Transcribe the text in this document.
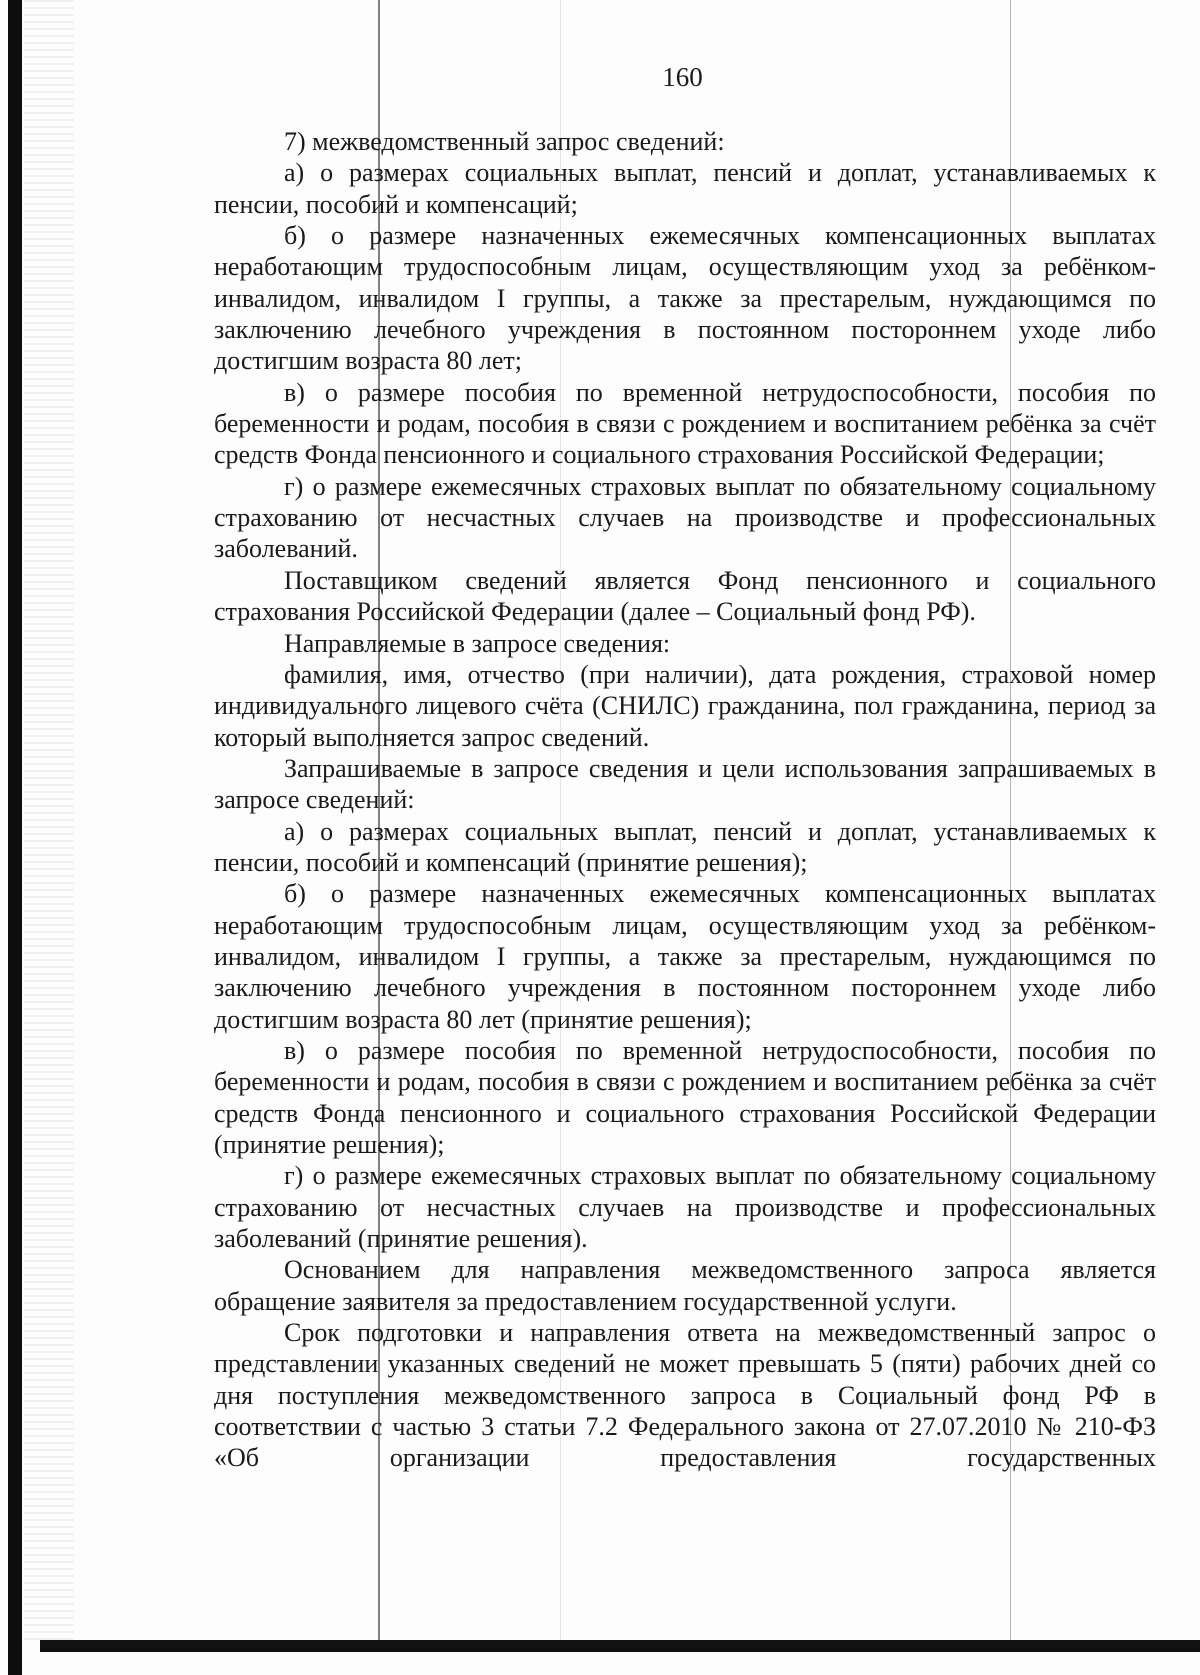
160

7) межведомственный запрос сведений:

а) о размерах социальных выплат, пенсий и доплат, устанавливаемых к пенсии, пособий и компенсаций;

б) о размере назначенных ежемесячных компенсационных выплатах неработающим трудоспособным лицам, осуществляющим уход за ребёнком-инвалидом, инвалидом I группы, а также за престарелым, нуждающимся по заключению лечебного учреждения в постоянном постороннем уходе либо достигшим возраста 80 лет;

в) о размере пособия по временной нетрудоспособности, пособия по беременности и родам, пособия в связи с рождением и воспитанием ребёнка за счёт средств Фонда пенсионного и социального страхования Российской Федерации;

г) о размере ежемесячных страховых выплат по обязательному социальному страхованию от несчастных случаев на производстве и профессиональных заболеваний.

Поставщиком сведений является Фонд пенсионного и социального страхования Российской Федерации (далее – Социальный фонд РФ).

Направляемые в запросе сведения:

фамилия, имя, отчество (при наличии), дата рождения, страховой номер индивидуального лицевого счёта (СНИЛС) гражданина, пол гражданина, период за который выполняется запрос сведений.

Запрашиваемые в запросе сведения и цели использования запрашиваемых в запросе сведений:

а) о размерах социальных выплат, пенсий и доплат, устанавливаемых к пенсии, пособий и компенсаций (принятие решения);

б) о размере назначенных ежемесячных компенсационных выплатах неработающим трудоспособным лицам, осуществляющим уход за ребёнком-инвалидом, инвалидом I группы, а также за престарелым, нуждающимся по заключению лечебного учреждения в постоянном постороннем уходе либо достигшим возраста 80 лет (принятие решения);

в) о размере пособия по временной нетрудоспособности, пособия по беременности и родам, пособия в связи с рождением и воспитанием ребёнка за счёт средств Фонда пенсионного и социального страхования Российской Федерации (принятие решения);

г) о размере ежемесячных страховых выплат по обязательному социальному страхованию от несчастных случаев на производстве и профессиональных заболеваний (принятие решения).

Основанием для направления межведомственного запроса является обращение заявителя за предоставлением государственной услуги.

Срок подготовки и направления ответа на межведомственный запрос о представлении указанных сведений не может превышать 5 (пяти) рабочих дней со дня поступления межведомственного запроса в Социальный фонд РФ в соответствии с частью 3 статьи 7.2 Федерального закона от 27.07.2010 № 210-ФЗ «Об организации предоставления государственных
